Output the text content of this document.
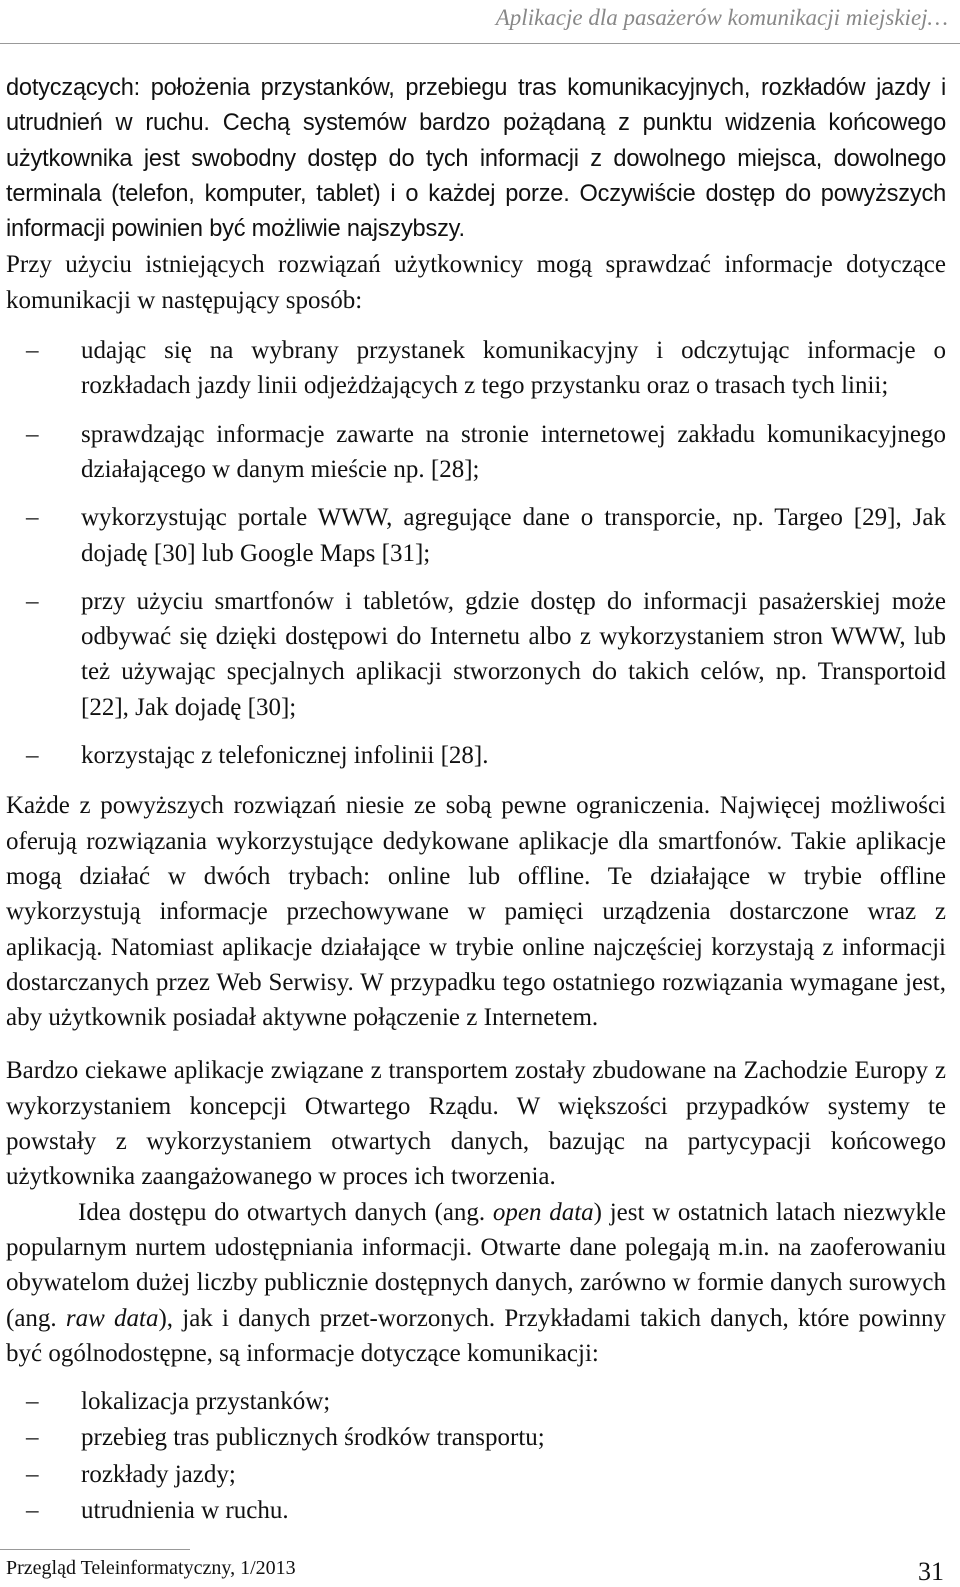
Aplikacje dla pasażerów komunikacji miejskiej…

dotyczących: położenia przystanków, przebiegu tras komunikacyjnych, rozkładów jazdy i utrudnień w ruchu. Cechą systemów bardzo pożądaną z punktu widzenia końcowego użytkownika jest swobodny dostęp do tych informacji z dowolnego miejsca, dowolnego terminala (telefon, komputer, tablet) i o każdej porze. Oczywiście dostęp do powyższych informacji powinien być możliwie najszybszy.

Przy użyciu istniejących rozwiązań użytkownicy mogą sprawdzać informacje dotyczące komunikacji w następujący sposób:

– udając się na wybrany przystanek komunikacyjny i odczytując informacje o rozkładach jazdy linii odjeżdżających z tego przystanku oraz o trasach tych linii;
– sprawdzając informacje zawarte na stronie internetowej zakładu komunikacyjnego działającego w danym mieście np. [28];
– wykorzystując portale WWW, agregujące dane o transporcie, np. Targeo [29], Jak dojadę [30] lub Google Maps [31];
– przy użyciu smartfonów i tabletów, gdzie dostęp do informacji pasażerskiej może odbywać się dzięki dostępowi do Internetu albo z wykorzystaniem stron WWW, lub też używając specjalnych aplikacji stworzonych do takich celów, np. Transportoid [22], Jak dojadę [30];
– korzystając z telefonicznej infolinii [28].

Każde z powyższych rozwiązań niesie ze sobą pewne ograniczenia. Najwięcej możliwości oferują rozwiązania wykorzystujące dedykowane aplikacje dla smartfonów. Takie aplikacje mogą działać w dwóch trybach: online lub offline. Te działające w trybie offline wykorzystują informacje przechowywane w pamięci urządzenia dostarczone wraz z aplikacją. Natomiast aplikacje działające w trybie online najczęściej korzystają z informacji dostarczanych przez Web Serwisy. W przypadku tego ostatniego rozwiązania wymagane jest, aby użytkownik posiadał aktywne połączenie z Internetem.

Bardzo ciekawe aplikacje związane z transportem zostały zbudowane na Zachodzie Europy z wykorzystaniem koncepcji Otwartego Rządu. W większości przypadków systemy te powstały z wykorzystaniem otwartych danych, bazując na partycypacji końcowego użytkownika zaangażowanego w proces ich tworzenia.

Idea dostępu do otwartych danych (ang. open data) jest w ostatnich latach niezwykle popularnym nurtem udostępniania informacji. Otwarte dane polegają m.in. na zaoferowaniu obywatelom dużej liczby publicznie dostępnych danych, zarówno w formie danych surowych (ang. raw data), jak i danych przet-worzonych. Przykładami takich danych, które powinny być ogólnodostępne, są informacje dotyczące komunikacji:

– lokalizacja przystanków;
– przebieg tras publicznych środków transportu;
– rozkłady jazdy;
– utrudnienia w ruchu.
Przegląd Teleinformatyczny, 1/2013	31
